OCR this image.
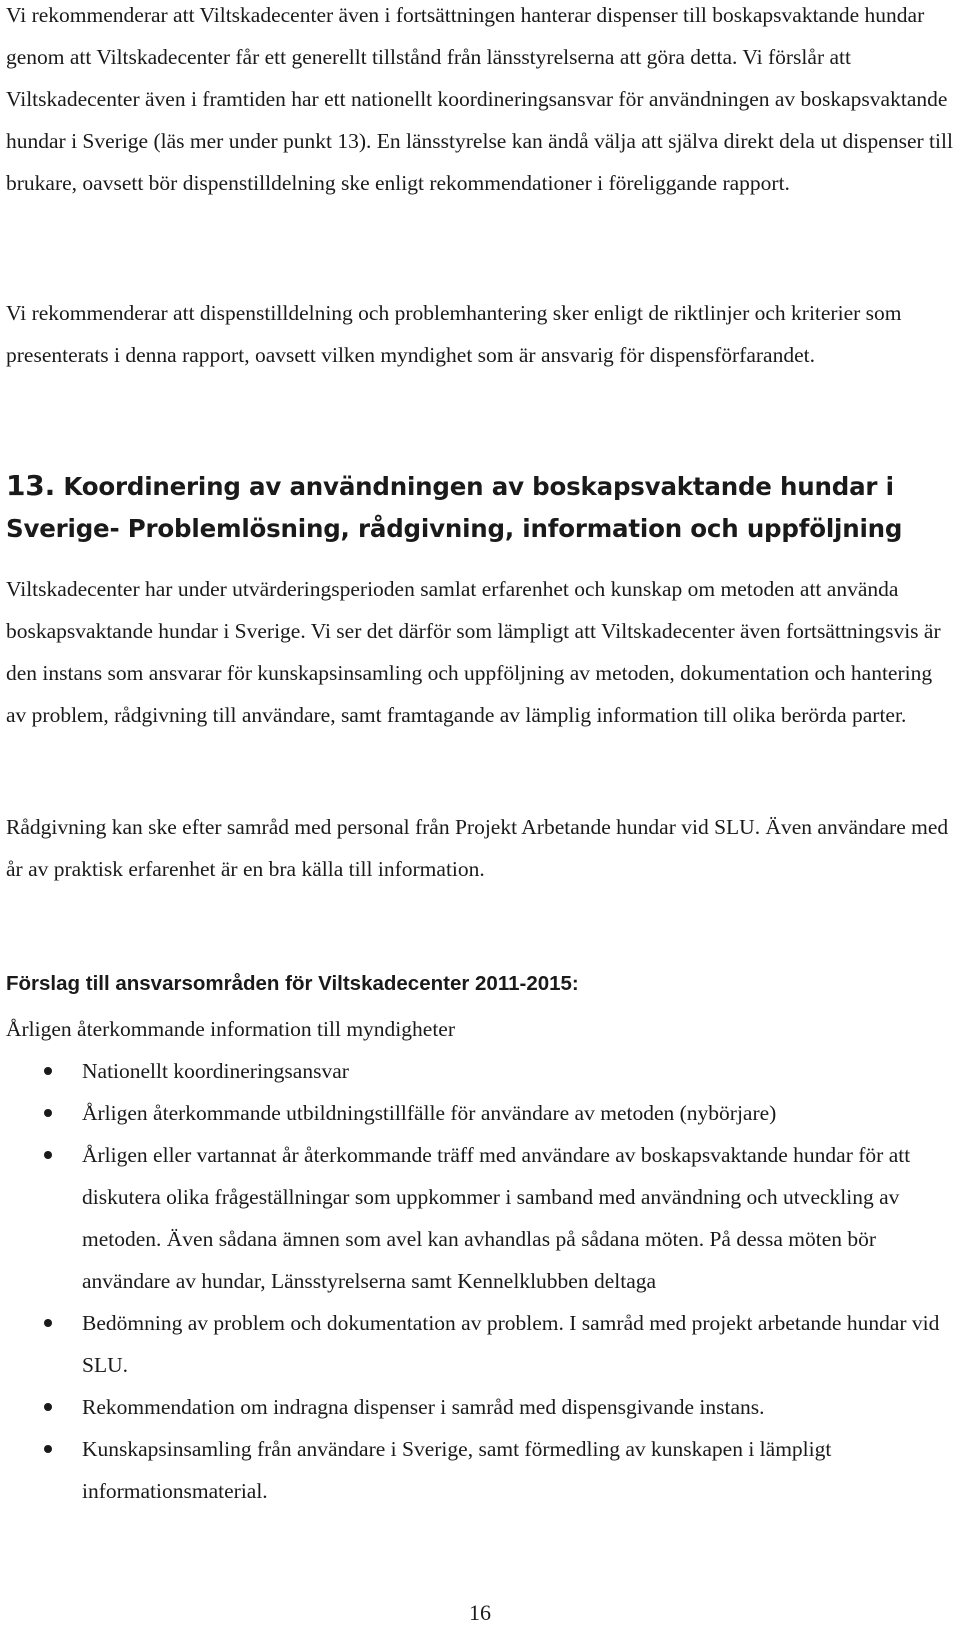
Vi rekommenderar att Viltskadecenter även i fortsättningen hanterar dispenser till boskapsvaktande hundar genom att Viltskadecenter får ett generellt tillstånd från länsstyrelserna att göra detta. Vi förslår att Viltskadecenter även i framtiden har ett nationellt koordineringsansvar för användningen av boskapsvaktande hundar i Sverige (läs mer under punkt 13). En länsstyrelse kan ändå välja att själva direkt dela ut dispenser till brukare, oavsett bör dispenstilldelning ske enligt rekommendationer i föreliggande rapport.

Vi rekommenderar att dispenstilldelning och problemhantering sker enligt de riktlinjer och kriterier som presenterats i denna rapport, oavsett vilken myndighet som är ansvarig för dispensförfarandet.

13. Koordinering av användningen av boskapsvaktande hundar i Sverige- Problemlösning, rådgivning, information och uppföljning

Viltskadecenter har under utvärderingsperioden samlat erfarenhet och kunskap om metoden att använda boskapsvaktande hundar i Sverige. Vi ser det därför som lämpligt att Viltskadecenter även fortsättningsvis är den instans som ansvarar för kunskapsinsamling och uppföljning av metoden, dokumentation och hantering av problem, rådgivning till användare, samt framtagande av lämplig information till olika berörda parter.

Rådgivning kan ske efter samråd med personal från Projekt Arbetande hundar vid SLU. Även användare med år av praktisk erfarenhet är en bra källa till information.

Förslag till ansvarsområden för Viltskadecenter 2011-2015:

Årligen återkommande information till myndigheter

Nationellt koordineringsansvar
Årligen återkommande utbildningstillfälle för användare av metoden (nybörjare)
Årligen eller vartannat år återkommande träff med användare av boskapsvaktande hundar för att diskutera olika frågeställningar som uppkommer i samband med användning och utveckling av metoden. Även sådana ämnen som avel kan avhandlas på sådana möten. På dessa möten bör användare av hundar, Länsstyrelserna samt Kennelklubben deltaga
Bedömning av problem och dokumentation av problem. I samråd med projekt arbetande hundar vid SLU.
Rekommendation om indragna dispenser i samråd med dispensgivande instans.
Kunskapsinsamling från användare i Sverige, samt förmedling av kunskapen i lämpligt informationsmaterial.

16
